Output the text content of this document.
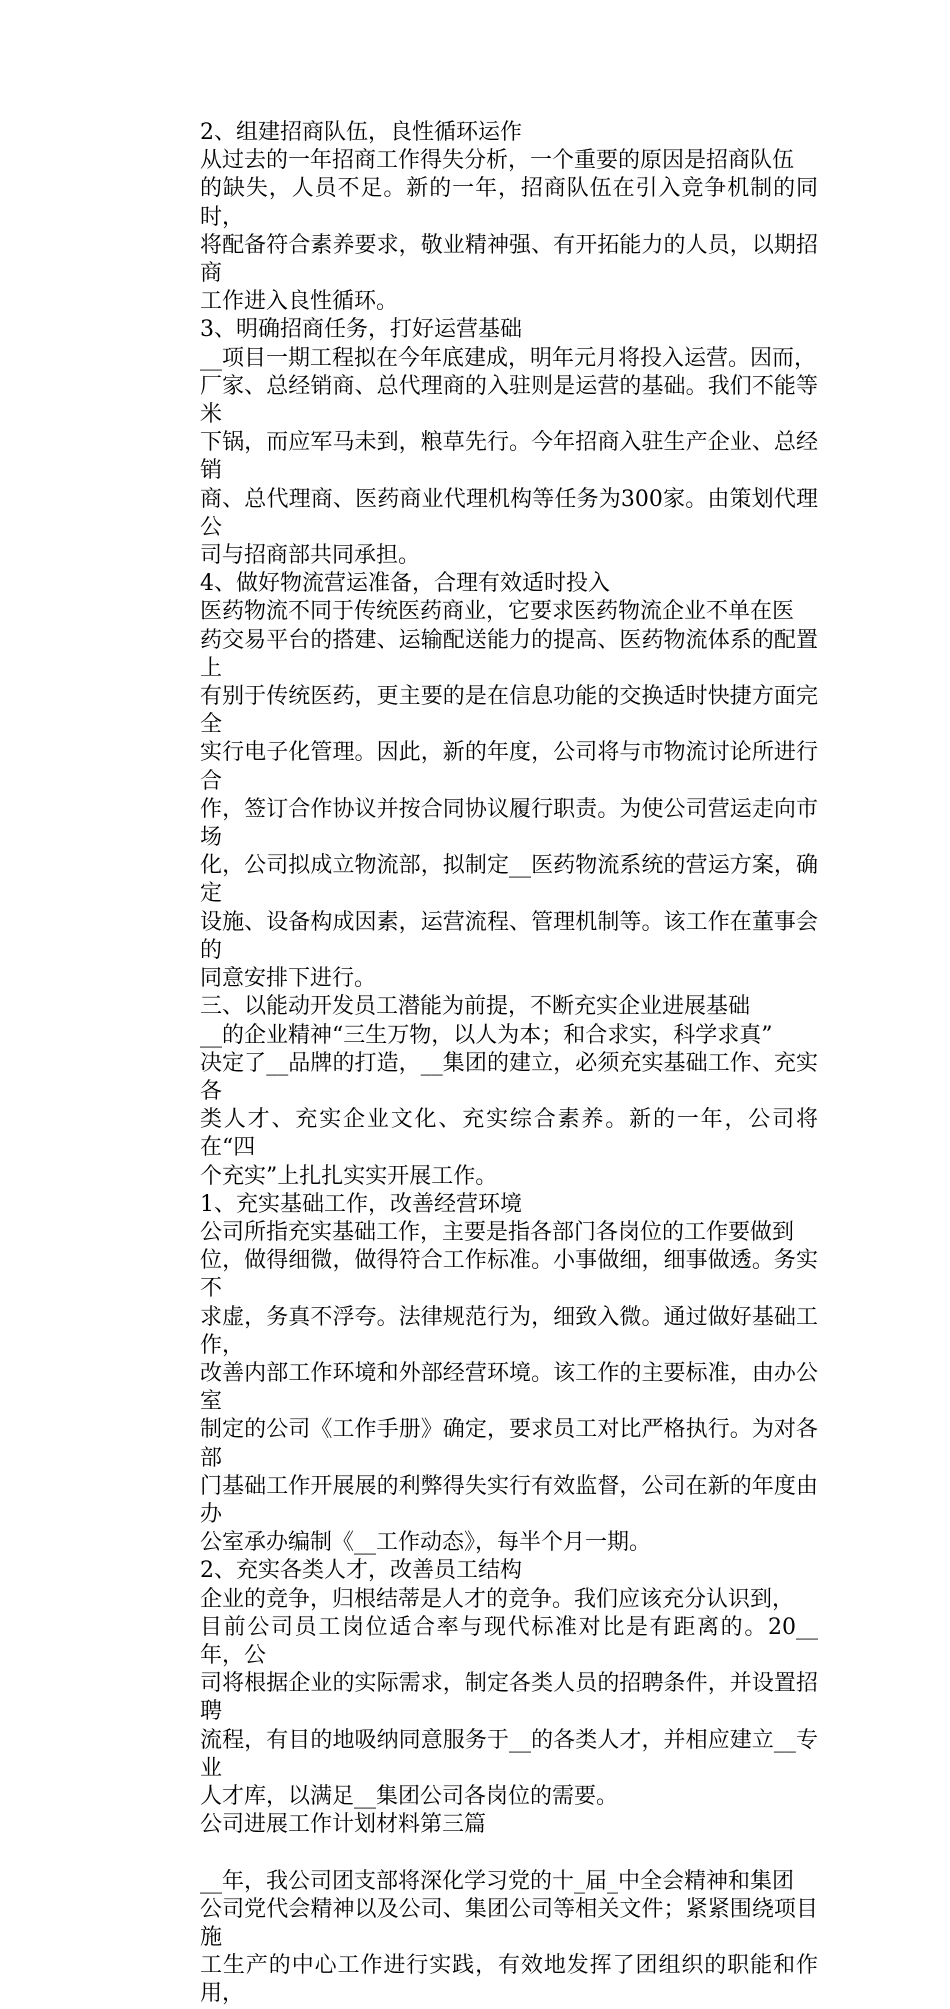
2、组建招商队伍，良性循环运作
从过去的一年招商工作得失分析，一个重要的原因是招商队伍
的缺失，人员不足。新的一年，招商队伍在引入竞争机制的同时，
将配备符合素养要求，敬业精神强、有开拓能力的人员，以期招商
工作进入良性循环。
3、明确招商任务，打好运营基础
__项目一期工程拟在今年底建成，明年元月将投入运营。因而，
厂家、总经销商、总代理商的入驻则是运营的基础。我们不能等米
下锅，而应军马未到，粮草先行。今年招商入驻生产企业、总经销
商、总代理商、医药商业代理机构等任务为300家。由策划代理公
司与招商部共同承担。
4、做好物流营运准备，合理有效适时投入
医药物流不同于传统医药商业，它要求医药物流企业不单在医
药交易平台的搭建、运输配送能力的提高、医药物流体系的配置上
有别于传统医药，更主要的是在信息功能的交换适时快捷方面完全
实行电子化管理。因此，新的年度，公司将与市物流讨论所进行合
作，签订合作协议并按合同协议履行职责。为使公司营运走向市场
化，公司拟成立物流部，拟制定__医药物流系统的营运方案，确定
设施、设备构成因素，运营流程、管理机制等。该工作在董事会的
同意安排下进行。
三、以能动开发员工潜能为前提，不断充实企业进展基础
__的企业精神“三生万物，以人为本；和合求实，科学求真”
决定了__品牌的打造，__集团的建立，必须充实基础工作、充实各
类人才、充实企业文化、充实综合素养。新的一年，公司将在“四
个充实”上扎扎实实开展工作。
1、充实基础工作，改善经营环境
公司所指充实基础工作，主要是指各部门各岗位的工作要做到
位，做得细微，做得符合工作标准。小事做细，细事做透。务实不
求虚，务真不浮夸。法律规范行为，细致入微。通过做好基础工作，
改善内部工作环境和外部经营环境。该工作的主要标准，由办公室
制定的公司《工作手册》确定，要求员工对比严格执行。为对各部
门基础工作开展展的利弊得失实行有效监督，公司在新的年度由办
公室承办编制《__工作动态》，每半个月一期。
2、充实各类人才，改善员工结构
企业的竞争，归根结蒂是人才的竞争。我们应该充分认识到，
目前公司员工岗位适合率与现代标准对比是有距离的。20__年，公
司将根据企业的实际需求，制定各类人员的招聘条件，并设置招聘
流程，有目的地吸纳同意服务于__的各类人才，并相应建立__专业
人才库，以满足__集团公司各岗位的需要。
公司进展工作计划材料第三篇
__年，我公司团支部将深化学习党的十_届_中全会精神和集团
公司党代会精神以及公司、集团公司等相关文件；紧紧围绕项目施
工生产的中心工作进行实践，有效地发挥了团组织的职能和作用，
